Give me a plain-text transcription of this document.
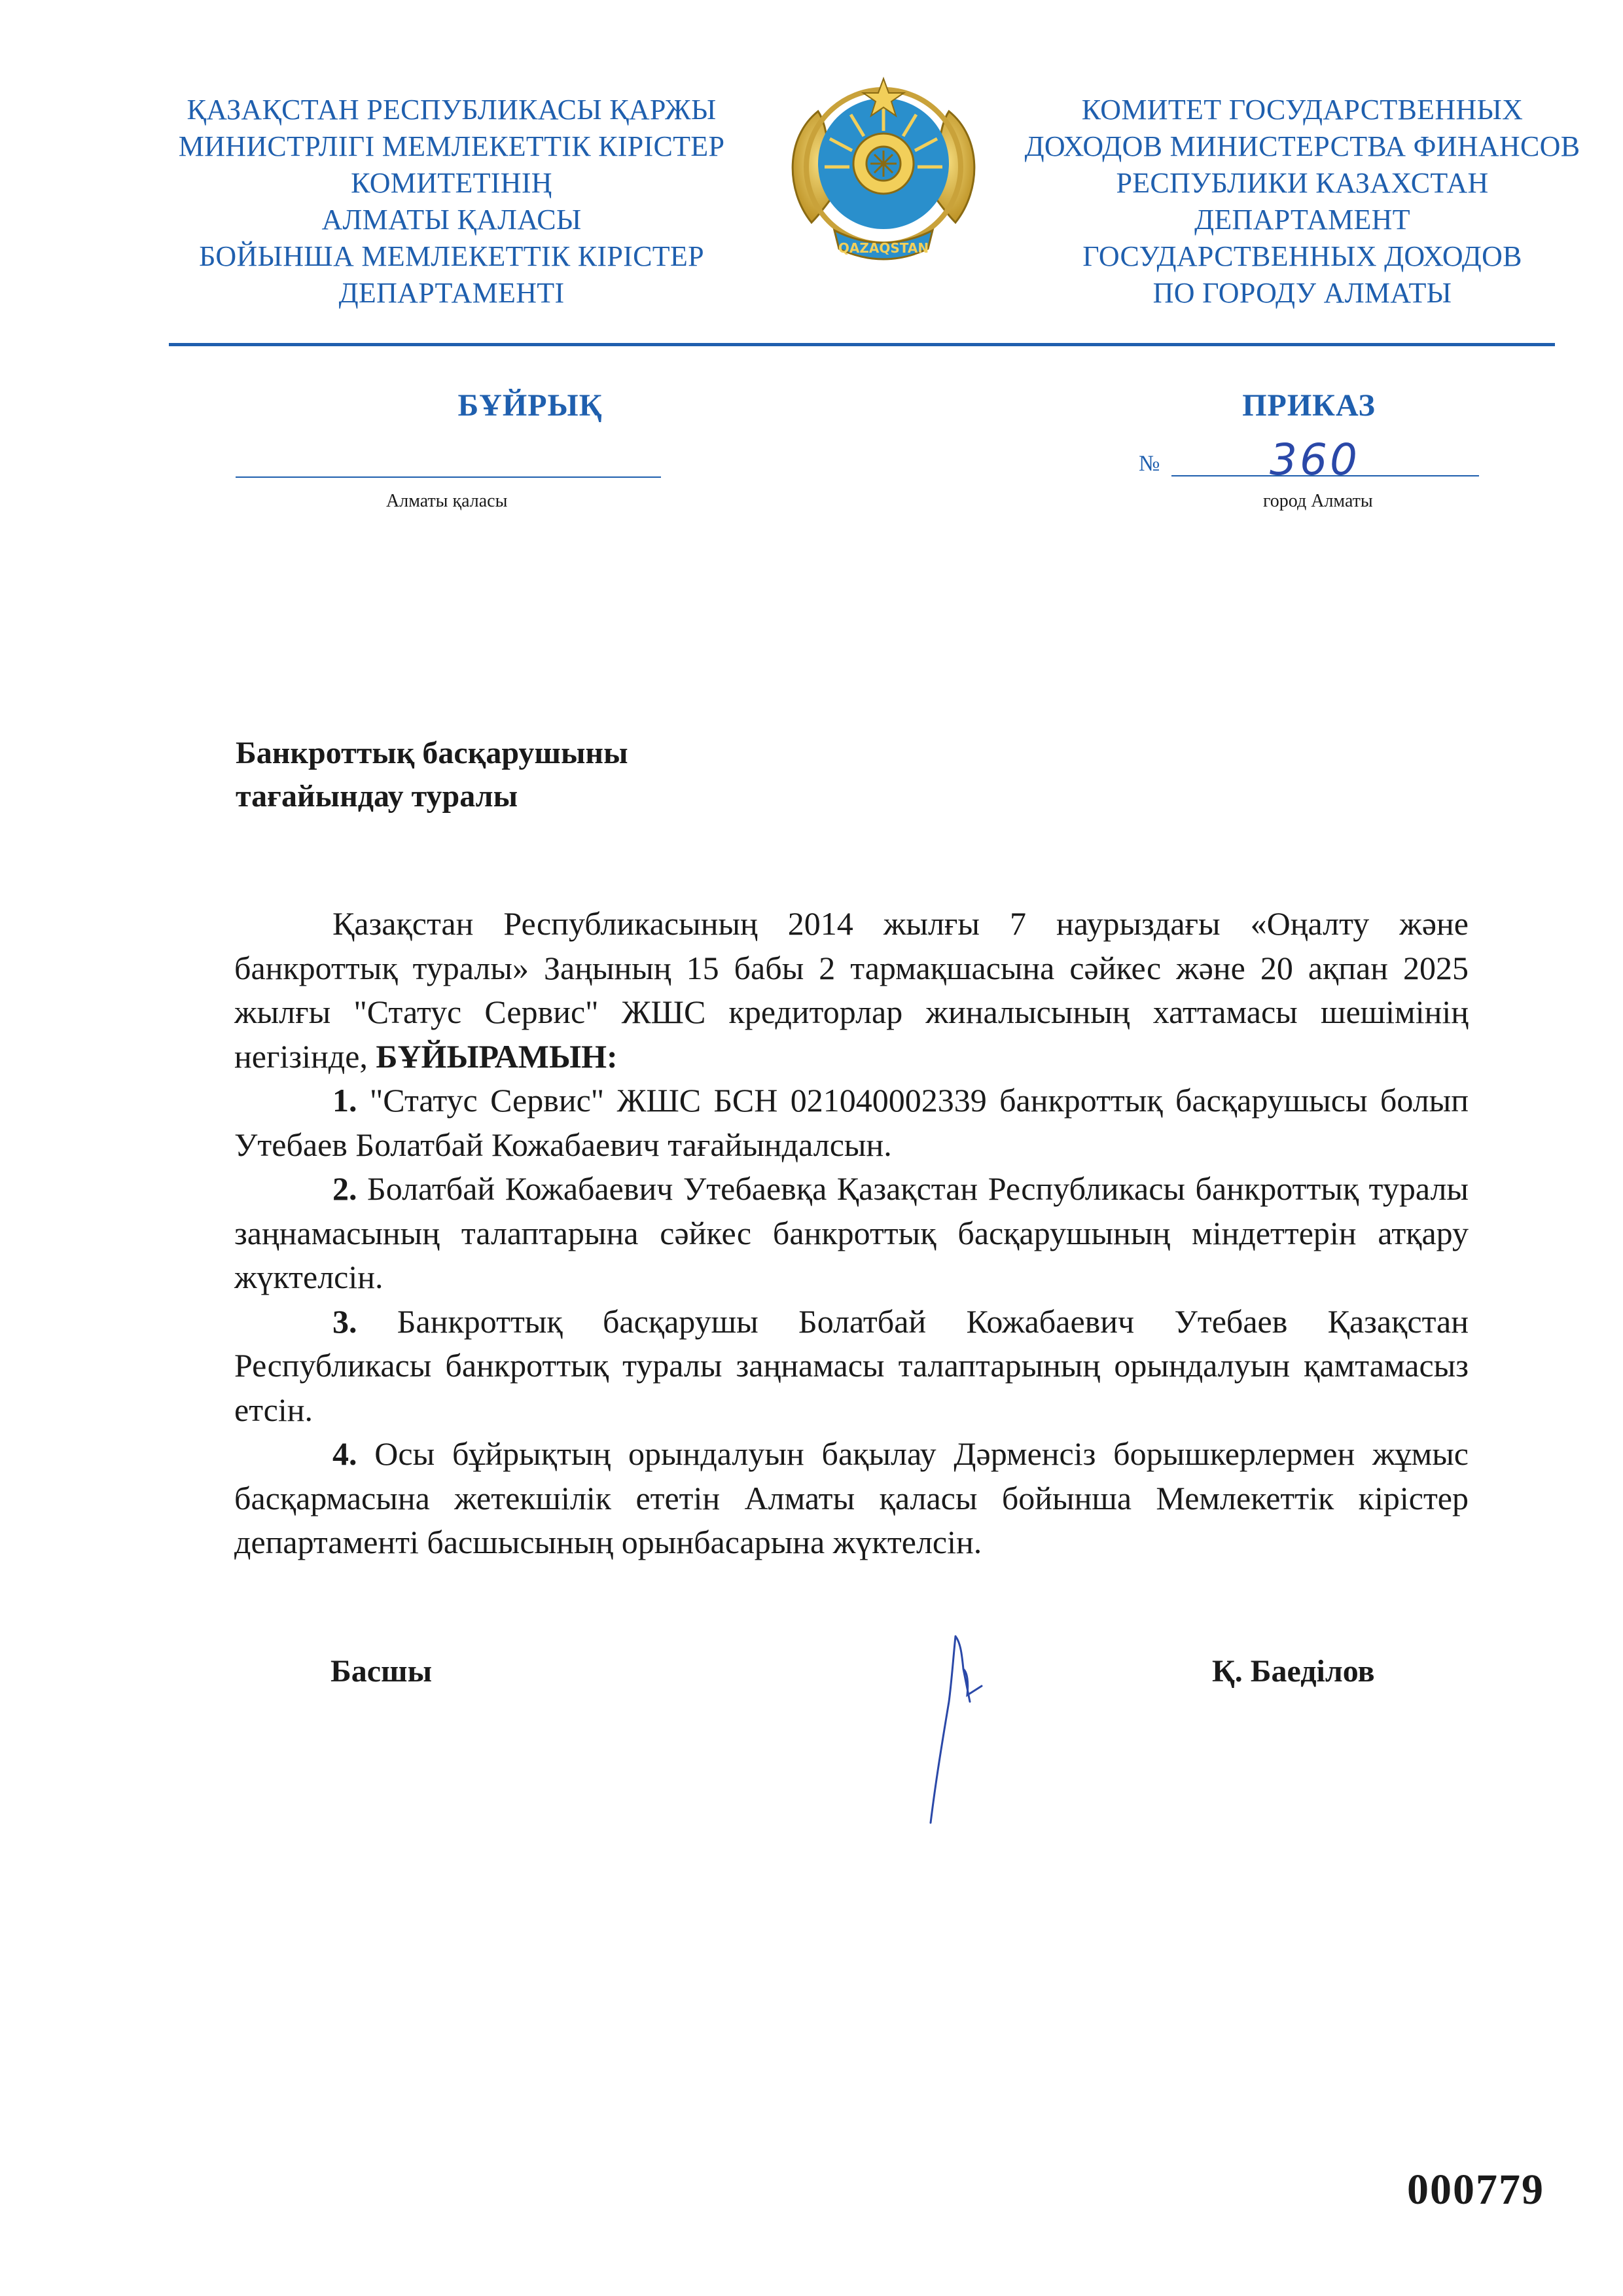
ҚАЗАҚСТАН РЕСПУБЛИКАСЫ ҚАРЖЫ
МИНИСТРЛІГІ МЕМЛЕКЕТТІК КІРІСТЕР
КОМИТЕТІНІҢ
АЛМАТЫ ҚАЛАСЫ
БОЙЫНША МЕМЛЕКЕТТІК КІРІСТЕР
ДЕПАРТАМЕНТІ
QAZAQSTAN
КОМИТЕТ ГОСУДАРСТВЕННЫХ
ДОХОДОВ МИНИСТЕРСТВА ФИНАНСОВ
РЕСПУБЛИКИ КАЗАХСТАН
ДЕПАРТАМЕНТ
ГОСУДАРСТВЕННЫХ ДОХОДОВ
ПО ГОРОДУ АЛМАТЫ
БҰЙРЫҚ	ПРИКАЗ
№	360
Алматы қаласы	город Алматы
Банкроттық басқарушыны
тағайындау туралы

Қазақстан Республикасының 2014 жылғы 7 наурыздағы «Оңалту және банкроттық туралы» Заңының 15 бабы 2 тармақшасына сәйкес және 20 ақпан 2025 жылғы "Статус Сервис" ЖШС кредиторлар жиналысының хаттамасы шешімінің негізінде, БҰЙЫРАМЫН:

1. "Статус Сервис" ЖШС БСН 021040002339 банкроттық басқарушысы болып Утебаев Болатбай Кожабаевич тағайындалсын.

2. Болатбай Кожабаевич Утебаевқа Қазақстан Республикасы банкроттық туралы заңнамасының талаптарына сәйкес банкроттық басқарушының міндеттерін атқару жүктелсін.

3. Банкроттық басқарушы Болатбай Кожабаевич Утебаев Қазақстан Республикасы банкроттық туралы заңнамасы талаптарының орындалуын қамтамасыз етсін.

4. Осы бұйрықтың орындалуын бақылау Дәрменсіз борышкерлермен жұмыс басқармасына жетекшілік ететін Алматы қаласы бойынша Мемлекеттік кірістер департаменті басшысының орынбасарына жүктелсін.

Басшы	Қ. Баеділов
000779
